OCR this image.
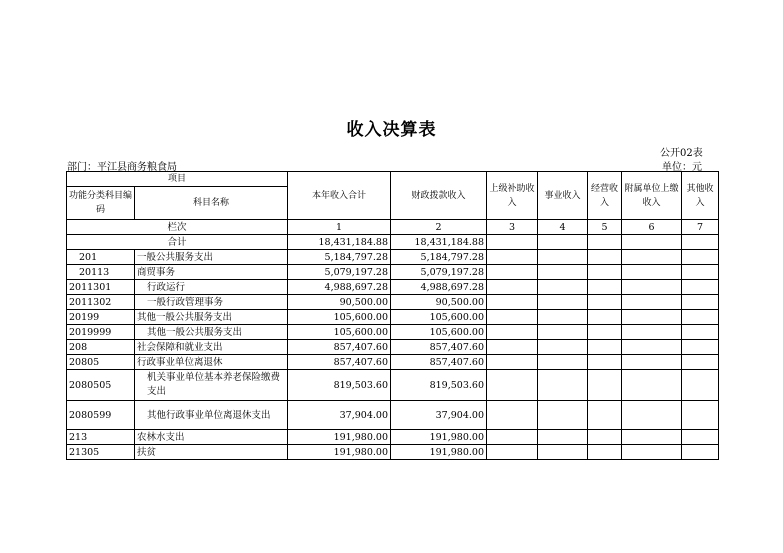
收入决算表
公开02表
部门：平江县商务粮食局	单位：元
项目		本年收入合计	财政拨款收入	上级补助收入	事业收入	经营收入	附属单位上缴收入	其他收入
功能分类科目编码	科目名称							
栏次		1	2	3	4	5	6	7
合计		18,431,184.88	18,431,184.88					
201	一般公共服务支出	5,184,797.28	5,184,797.28					
20113	商贸事务	5,079,197.28	5,079,197.28					
2011301	行政运行	4,988,697.28	4,988,697.28					
2011302	一般行政管理事务	90,500.00	90,500.00					
20199	其他一般公共服务支出	105,600.00	105,600.00					
2019999	其他一般公共服务支出	105,600.00	105,600.00					
208	社会保障和就业支出	857,407.60	857,407.60					
20805	行政事业单位离退休	857,407.60	857,407.60					
2080505	机关事业单位基本养老保险缴费支出	819,503.60	819,503.60					
2080599	其他行政事业单位离退休支出	37,904.00	37,904.00					
213	农林水支出	191,980.00	191,980.00					
21305	扶贫	191,980.00	191,980.00					
